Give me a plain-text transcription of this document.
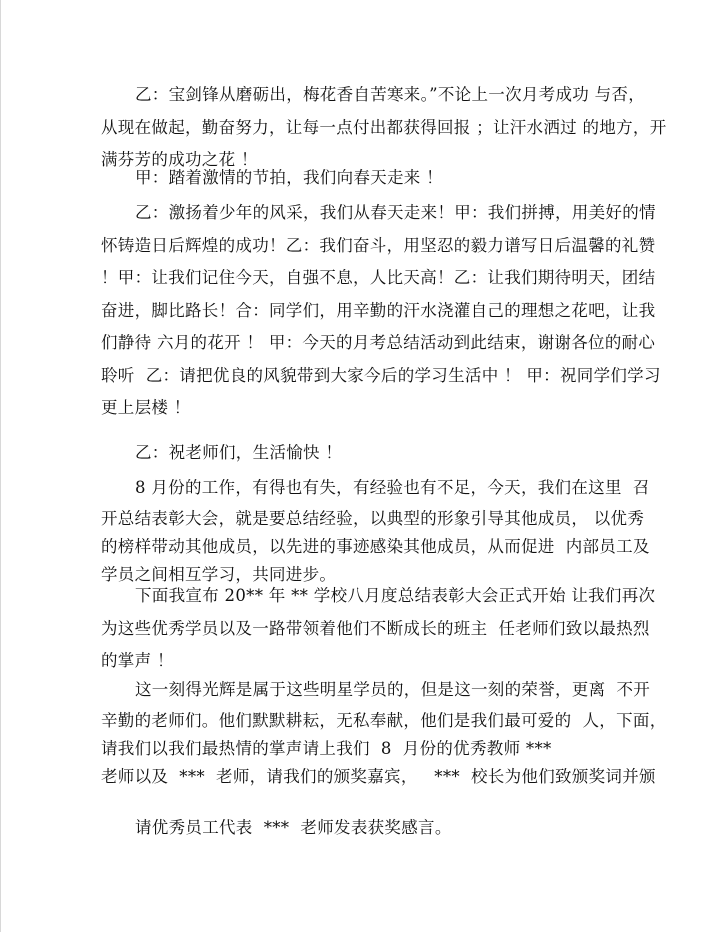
乙：宝剑锋从磨砺出，梅花香自苦寒来。”不论上一次月考成功 与否，
从现在做起，勤奋努力，让每一点付出都获得回报 ；让汗水洒过 的地方，开
满芬芳的成功之花 ！
甲：踏着激情的节拍，我们向春天走来 ！
乙：激扬着少年的风采，我们从春天走来！甲：我们拼搏，用美好的情
怀铸造日后辉煌的成功！乙：我们奋斗，用坚忍的毅力谱写日后温馨的礼赞
！甲：让我们记住今天，自强不息，人比天高！乙：让我们期待明天，团结
奋进，脚比路长！合：同学们，用辛勤的汗水浇灌自己的理想之花吧，让我
们静待 六月的花开 ！ 甲：今天的月考总结活动到此结束，谢谢各位的耐心
聆听  乙：请把优良的风貌带到大家今后的学习生活中 ！ 甲：祝同学们学习
更上层楼 ！
乙：祝老师们，生活愉快 ！
8 月份的工作，有得也有失，有经验也有不足，今天，我们在这里  召
开总结表彰大会，就是要总结经验，以典型的形象引导其他成员， 以优秀
的榜样带动其他成员，以先进的事迹感染其他成员，从而促进  内部员工及
学员之间相互学习，共同进步。
下面我宣布 20** 年 ** 学校八月度总结表彰大会正式开始 让我们再次
为这些优秀学员以及一路带领着他们不断成长的班主  任老师们致以最热烈
的掌声 ！
这一刻得光辉是属于这些明星学员的，但是这一刻的荣誉，更离  不开
辛勤的老师们。他们默默耕耘，无私奉献，他们是我们最可爱的  人，下面，
请我们以我们最热情的掌声请上我们  8  月份的优秀教师 ***
老师以及  ***  老师，请我们的颁奖嘉宾，   ***  校长为他们致颁奖词并颁
请优秀员工代表  ***  老师发表获奖感言。
